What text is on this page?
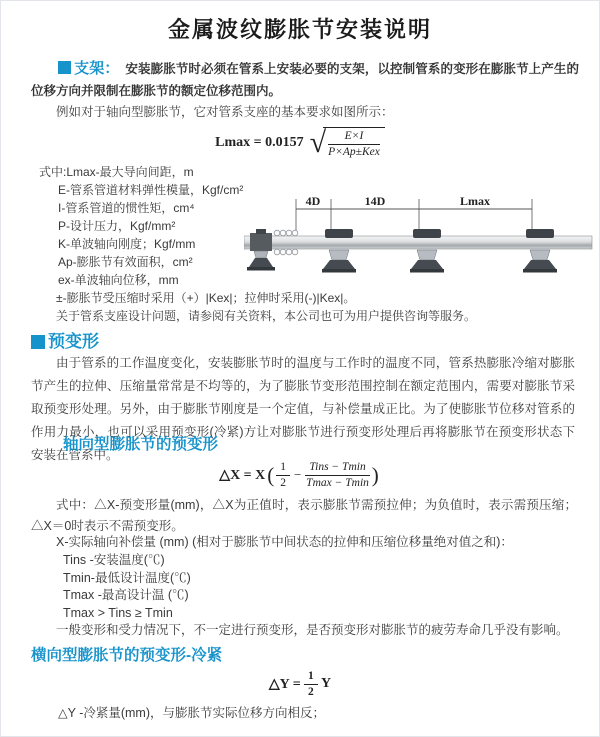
金属波纹膨胀节安装说明
支架： 安装膨胀节时必须在管系上安装必要的支架，以控制管系的变形在膨胀节上产生的位移方向并限制在膨胀节的额定位移范围内。
例如对于轴向型膨胀节，它对管系支座的基本要求如图所示：
Lmax = 0.0157 √ $\frac{E\times I}{\text{P×Ap±Kex}}$
式中:Lmax-最大导向间距，m
E-管系管道材料弹性模量，Kgf/cm²
I-管系管道的惯性矩，cm⁴
P-设计压力，Kgf/mm²
K-单波轴向刚度；Kgf/mm
Ap-膨胀节有效面积，cm²
ex-单波轴向位移，mm
±-膨胀节受压缩时采用（+）|Kex|；拉伸时采用(-)|Kex|。
关于管系支座设计问题，请参阅有关资料，本公司也可为用户提供咨询等服务。
4D	14D	Lmax
预变形
由于管系的工作温度变化，安装膨胀节时的温度与工作时的温度不同，管系热膨胀冷缩对膨胀节产生的拉伸、压缩量常常是不均等的，为了膨胀节变形范围控制在额定范围内，需要对膨胀节采取预变形处理。另外，由于膨胀节刚度是一个定值，与补偿量成正比。为了使膨胀节位移对管系的作用力最小，也可以采用预变形(冷紧)方让对膨胀节进行预变形处理后再将膨胀节在预变形状态下安装在管系中。
轴向型膨胀节的预变形
△X = X ( $\frac{1}{2} - \frac{\text{Tins − Tmin}}{Tmax - Tmin}$ )
式中：△X-预变形量(mm)，△X为正值时，表示膨胀节需预拉伸；为负值时，表示需预压缩；△X＝0时表示不需预变形。
X-实际轴向补偿量 (mm) (相对于膨胀节中间状态的拉伸和压缩位移量绝对值之和)：
Tins -安装温度(℃)
Tmin-最低设计温度(℃)
Tmax -最高设计温 (℃)
Tmax > Tins ≥ Tmin
一般变形和受力情况下，不一定进行预变形，是否预变形对膨胀节的疲劳寿命几乎没有影响。
横向型膨胀节的预变形-冷紧
△Y =
$\frac{1}{2}$
Y
△Y -冷紧量(mm)，与膨胀节实际位移方向相反；
